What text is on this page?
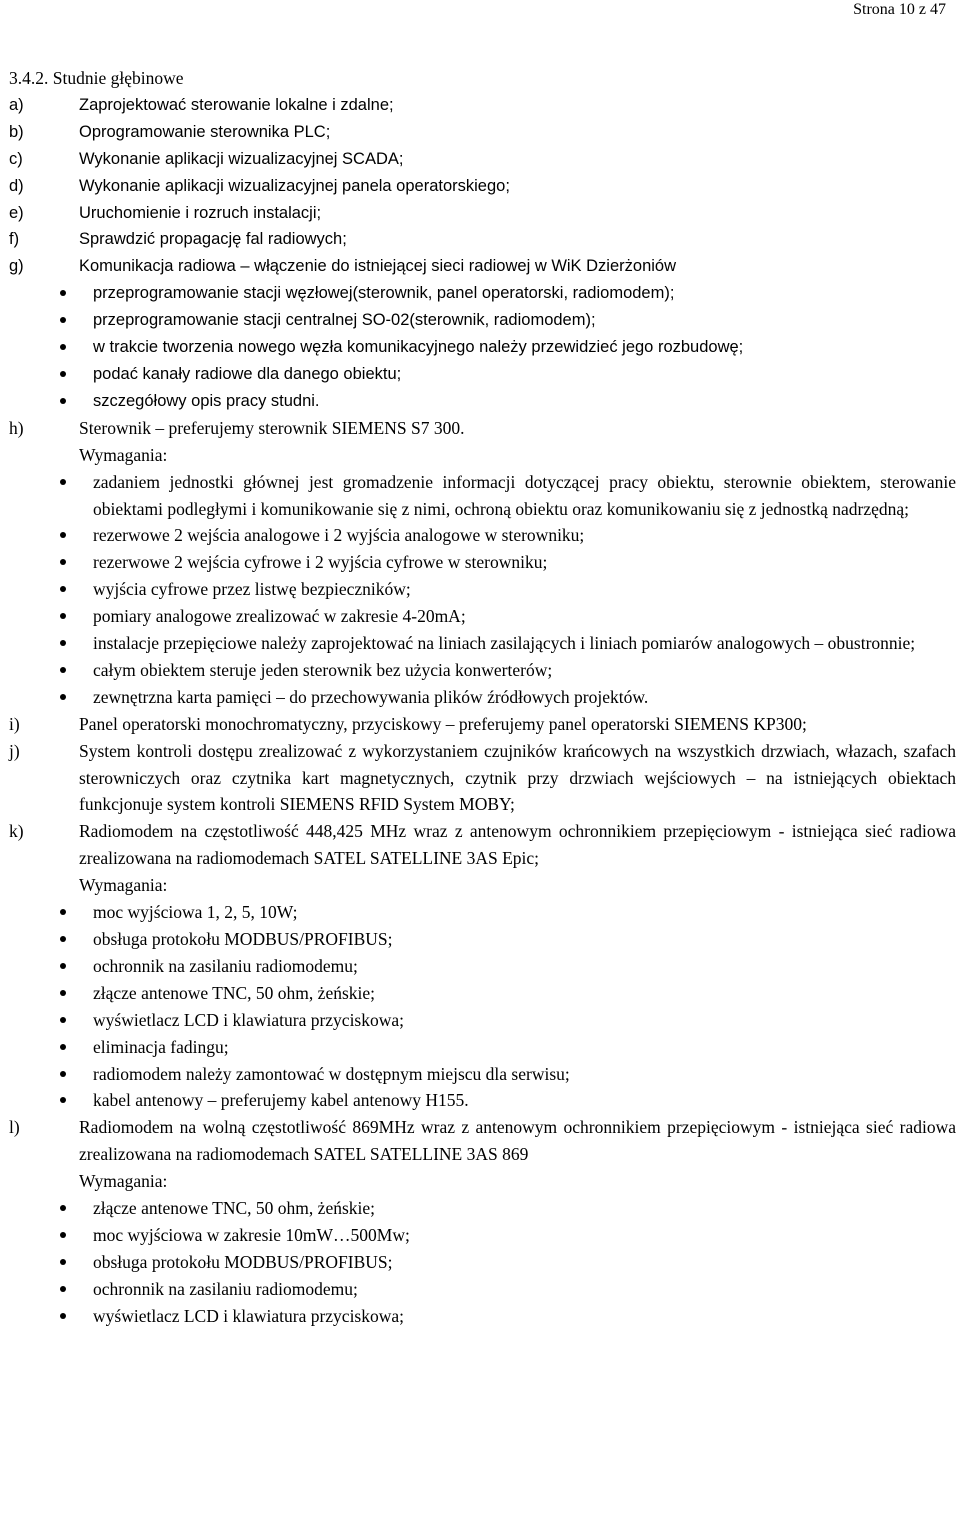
Strona 10 z 47

3.4.2. Studnie głębinowe

a)	Zaprojektować sterowanie lokalne i zdalne;
b)	Oprogramowanie sterownika PLC;
c)	Wykonanie aplikacji wizualizacyjnej SCADA;
d)	Wykonanie aplikacji wizualizacyjnej panela operatorskiego;
e)	Uruchomienie i rozruch instalacji;
f)	Sprawdzić propagację fal radiowych;
g)	Komunikacja radiowa – włączenie do istniejącej sieci radiowej w WiK Dzierżoniów
przeprogramowanie stacji węzłowej(sterownik, panel operatorski, radiomodem);
przeprogramowanie stacji centralnej SO-02(sterownik, radiomodem);
w trakcie tworzenia nowego węzła komunikacyjnego należy przewidzieć jego rozbudowę;
podać kanały radiowe dla danego obiektu;
szczegółowy opis pracy studni.
h)	Sterownik – preferujemy sterownik SIEMENS S7 300.
Wymagania:
zadaniem jednostki głównej jest gromadzenie informacji dotyczącej pracy obiektu, sterownie obiektem, sterowanie obiektami podległymi i komunikowanie się z nimi, ochroną obiektu oraz komunikowaniu się z jednostką nadrzędną;
rezerwowe 2 wejścia analogowe i 2 wyjścia analogowe w sterowniku;
rezerwowe 2 wejścia cyfrowe i 2 wyjścia cyfrowe w sterowniku;
wyjścia cyfrowe przez listwę bezpieczników;
pomiary analogowe zrealizować w zakresie 4-20mA;
instalacje przepięciowe należy zaprojektować na liniach zasilających i liniach pomiarów analogowych – obustronnie;
całym obiektem steruje jeden sterownik bez użycia konwerterów;
zewnętrzna karta pamięci – do przechowywania plików źródłowych projektów.
i)	Panel operatorski monochromatyczny, przyciskowy – preferujemy panel operatorski SIEMENS KP300;
j)	System kontroli dostępu zrealizować z wykorzystaniem czujników krańcowych na wszystkich drzwiach, włazach, szafach sterowniczych oraz czytnika kart magnetycznych, czytnik przy drzwiach wejściowych – na istniejących obiektach funkcjonuje system kontroli SIEMENS RFID System MOBY;
k)	Radiomodem na częstotliwość 448,425 MHz wraz z antenowym ochronnikiem przepięciowym - istniejąca sieć radiowa zrealizowana na radiomodemach SATEL SATELLINE 3AS Epic;
Wymagania:
moc wyjściowa 1, 2, 5, 10W;
obsługa protokołu MODBUS/PROFIBUS;
ochronnik na zasilaniu radiomodemu;
złącze antenowe TNC, 50 ohm, żeńskie;
wyświetlacz LCD i klawiatura przyciskowa;
eliminacja fadingu;
radiomodem należy zamontować w dostępnym miejscu dla serwisu;
kabel antenowy – preferujemy kabel antenowy H155.
l)	Radiomodem na wolną częstotliwość 869MHz wraz z antenowym ochronnikiem przepięciowym - istniejąca sieć radiowa zrealizowana na radiomodemach SATEL SATELLINE 3AS 869
Wymagania:
złącze antenowe TNC, 50 ohm, żeńskie;
moc wyjściowa w zakresie 10mW…500Mw;
obsługa protokołu MODBUS/PROFIBUS;
ochronnik na zasilaniu radiomodemu;
wyświetlacz LCD i klawiatura przyciskowa;
